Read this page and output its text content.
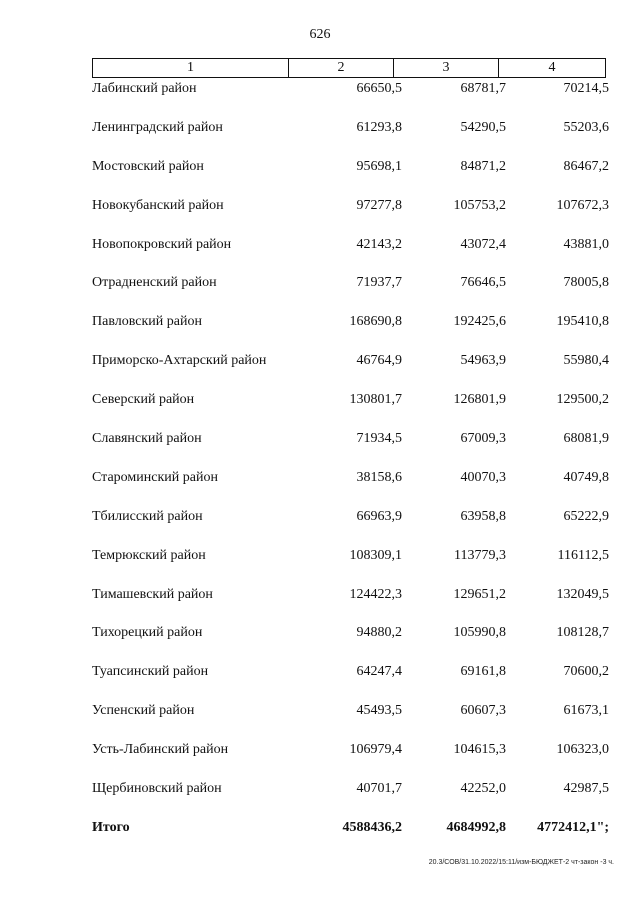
626
1	2	3	4
Лабинский район	66650,5	68781,7	70214,5
Ленинградский район	61293,8	54290,5	55203,6
Мостовский район	95698,1	84871,2	86467,2
Новокубанский район	97277,8	105753,2	107672,3
Новопокровский район	42143,2	43072,4	43881,0
Отрадненский район	71937,7	76646,5	78005,8
Павловский район	168690,8	192425,6	195410,8
Приморско-Ахтарский район	46764,9	54963,9	55980,4
Северский район	130801,7	126801,9	129500,2
Славянский район	71934,5	67009,3	68081,9
Староминский район	38158,6	40070,3	40749,8
Тбилисский район	66963,9	63958,8	65222,9
Темрюкский район	108309,1	113779,3	116112,5
Тимашевский район	124422,3	129651,2	132049,5
Тихорецкий район	94880,2	105990,8	108128,7
Туапсинский район	64247,4	69161,8	70600,2
Успенский район	45493,5	60607,3	61673,1
Усть-Лабинский район	106979,4	104615,3	106323,0
Щербиновский район	40701,7	42252,0	42987,5
Итого	4588436,2	4684992,8	4772412,1";
20.3/СОВ/31.10.2022/15:11/изм-БЮДЖЕТ-2 чт-закон -3 ч.
